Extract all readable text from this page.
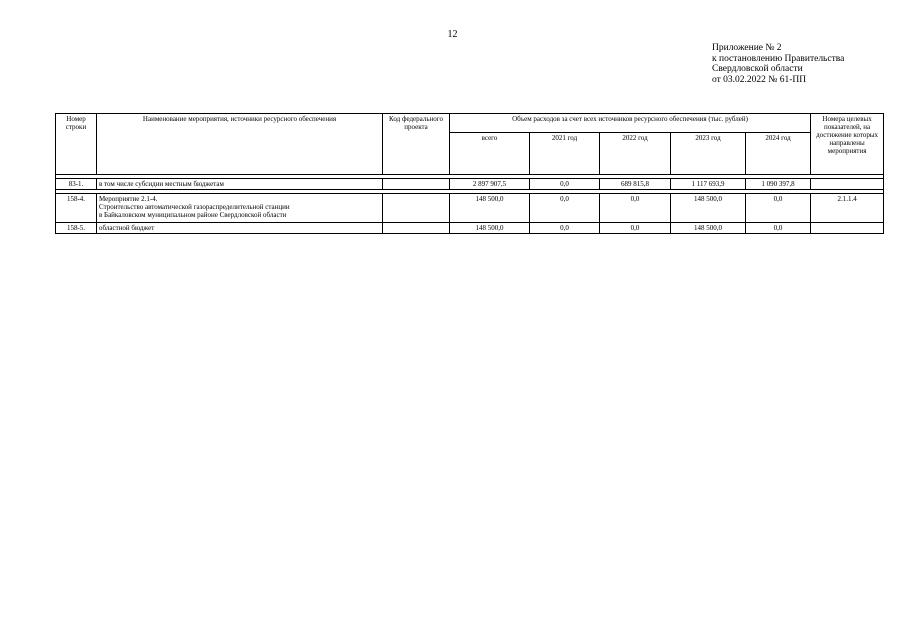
12
Приложение № 2
к постановлению Правительства
Свердловской области
от 03.02.2022 № 61-ПП
Номер строки	Наименование мероприятия, источники ресурсного обеспечения	Код федерального проекта	Объем расходов за счет всех источников ресурсного обеспечения (тыс. рублей)					Номера целевых показателей, на достижение которых направлены мероприятия
			всего	2021 год	2022 год	2023 год	2024 год	

83-1.	в том числе субсидии местным бюджетам		2 897 907,5	0,0	689 815,8	1 117 693,9	1 090 397,8	

158-4.	Мероприятие 2.1-4.
Строительство автоматической газораспределительной станции
в Байкаловском муниципальном районе Свердловской области		148 500,0	0,0	0,0	148 500,0	0,0	2.1.1.4
158-5.	областной бюджет		148 500,0	0,0	0,0	148 500,0	0,0	
